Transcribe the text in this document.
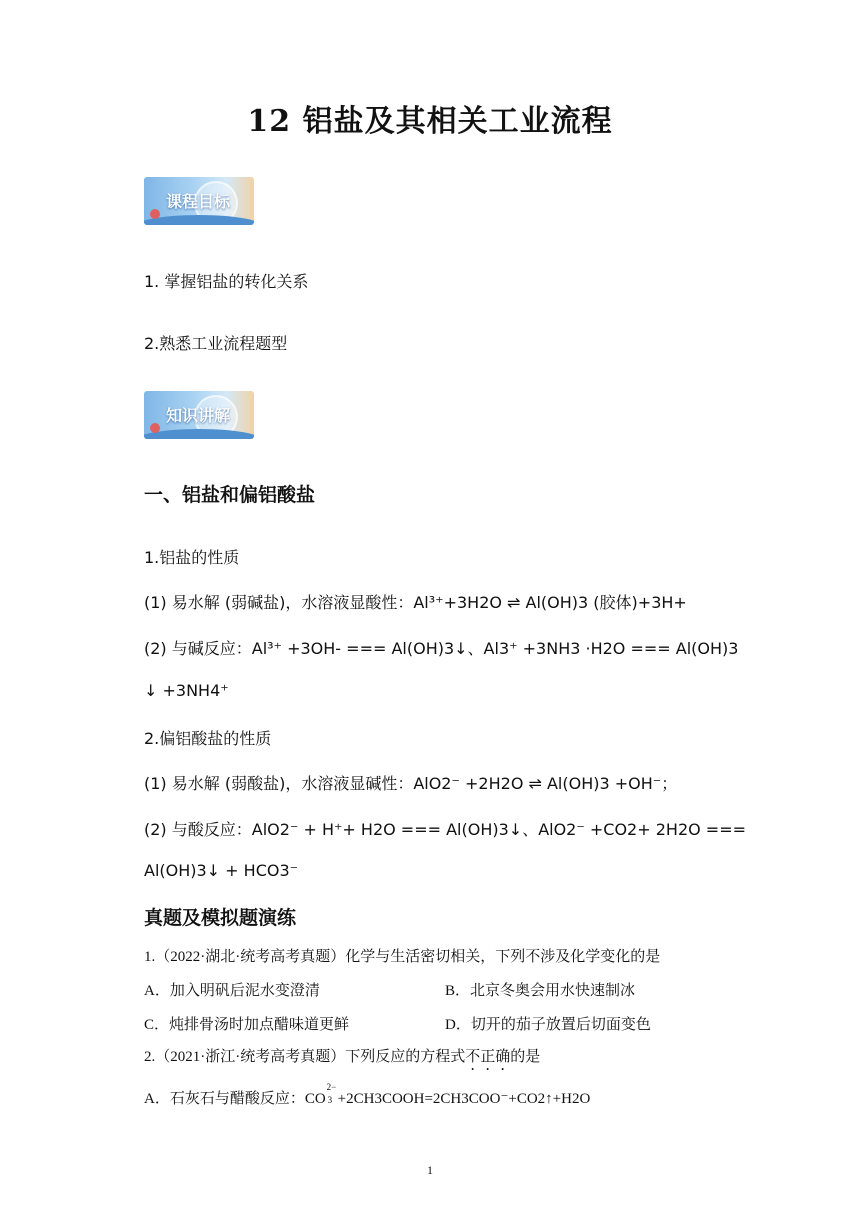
12 铝盐及其相关工业流程
课程目标
1. 掌握铝盐的转化关系
2.熟悉工业流程题型
知识讲解
一、铝盐和偏铝酸盐
1.铝盐的性质
(1) 易水解 (弱碱盐)，水溶液显酸性：Al³⁺+3H2O ⇌ Al(OH)3 (胶体)+3H+
(2) 与碱反应：Al³⁺ +3OH- === Al(OH)3↓、Al3⁺ +3NH3 ·H2O === Al(OH)3
↓ +3NH4⁺
2.偏铝酸盐的性质
(1) 易水解 (弱酸盐)，水溶液显碱性：AlO2⁻ +2H2O ⇌ Al(OH)3 +OH⁻；
(2) 与酸反应：AlO2⁻ + H⁺+ H2O === Al(OH)3↓、AlO2⁻ +CO2+ 2H2O ===
Al(OH)3↓ + HCO3⁻
真题及模拟题演练
1.（2022·湖北·统考高考真题）化学与生活密切相关，下列不涉及化学变化的是
A．加入明矾后泥水变澄清	B．北京冬奥会用水快速制冰
C．炖排骨汤时加点醋味道更鲜	D．切开的茄子放置后切面变色
2.（2021·浙江·统考高考真题）下列反应的方程式不正确的是
A．石灰石与醋酸反应：CO
2−
3 +2CH3COOH=2CH3COO⁻+CO2↑+H2O
1
